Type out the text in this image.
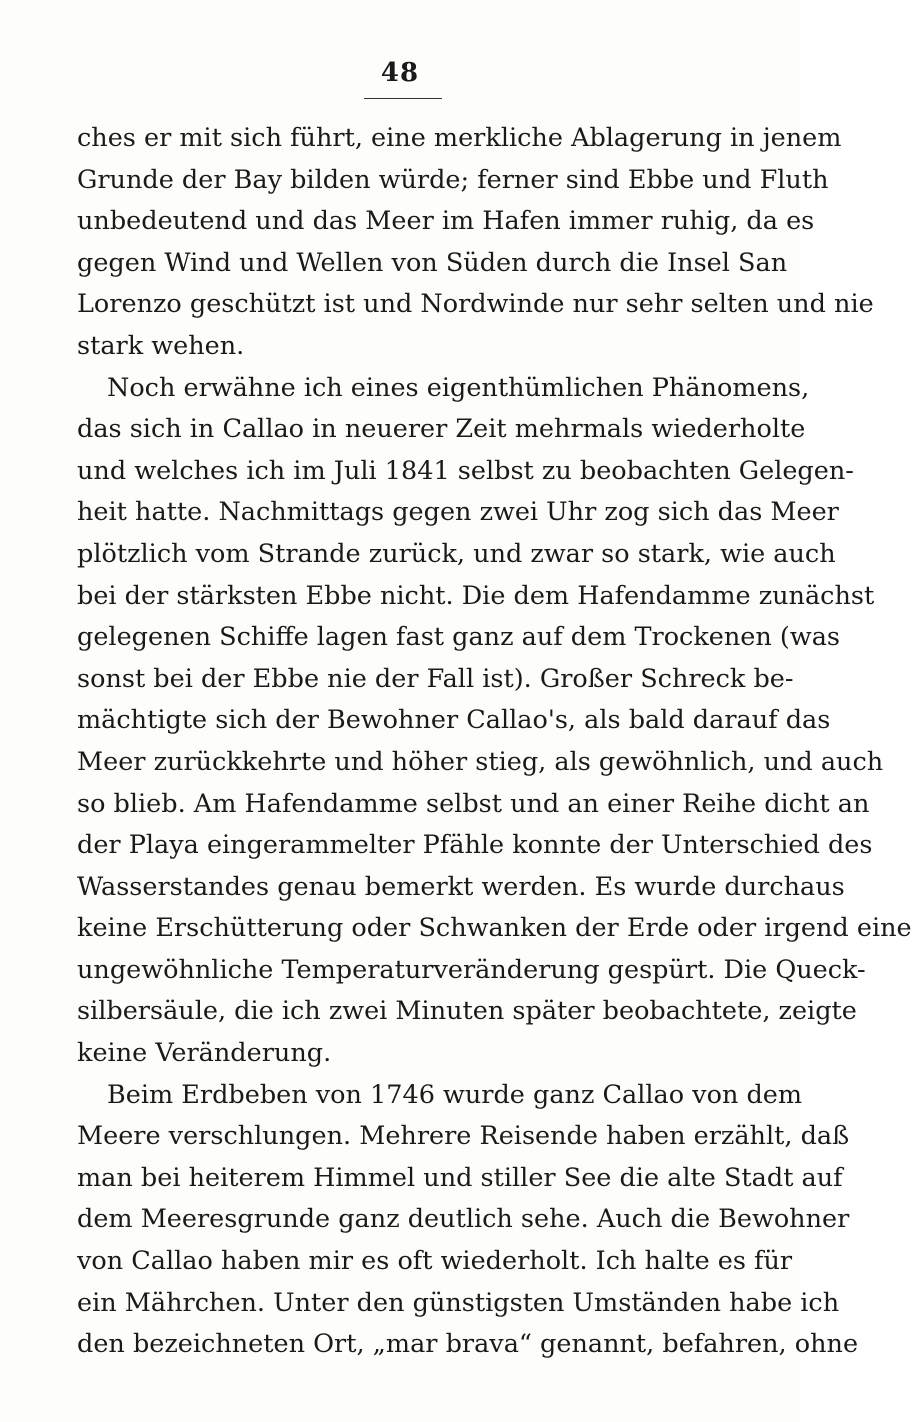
48
ches er mit sich führt, eine merkliche Ablagerung in jenem
Grunde der Bay bilden würde; ferner sind Ebbe und Fluth
unbedeutend und das Meer im Hafen immer ruhig, da es
gegen Wind und Wellen von Süden durch die Insel San
Lorenzo geschützt ist und Nordwinde nur sehr selten und nie
stark wehen.
Noch erwähne ich eines eigenthümlichen Phänomens,
das sich in Callao in neuerer Zeit mehrmals wiederholte
und welches ich im Juli 1841 selbst zu beobachten Gelegen-
heit hatte. Nachmittags gegen zwei Uhr zog sich das Meer
plötzlich vom Strande zurück, und zwar so stark, wie auch
bei der stärksten Ebbe nicht. Die dem Hafendamme zunächst
gelegenen Schiffe lagen fast ganz auf dem Trockenen (was
sonst bei der Ebbe nie der Fall ist). Großer Schreck be-
mächtigte sich der Bewohner Callao's, als bald darauf das
Meer zurückkehrte und höher stieg, als gewöhnlich, und auch
so blieb. Am Hafendamme selbst und an einer Reihe dicht an
der Playa eingerammelter Pfähle konnte der Unterschied des
Wasserstandes genau bemerkt werden. Es wurde durchaus
keine Erschütterung oder Schwanken der Erde oder irgend eine
ungewöhnliche Temperaturveränderung gespürt. Die Queck-
silbersäule, die ich zwei Minuten später beobachtete, zeigte
keine Veränderung.
Beim Erdbeben von 1746 wurde ganz Callao von dem
Meere verschlungen. Mehrere Reisende haben erzählt, daß
man bei heiterem Himmel und stiller See die alte Stadt auf
dem Meeresgrunde ganz deutlich sehe. Auch die Bewohner
von Callao haben mir es oft wiederholt. Ich halte es für
ein Mährchen. Unter den günstigsten Umständen habe ich
den bezeichneten Ort, „mar brava“ genannt, befahren, ohne
